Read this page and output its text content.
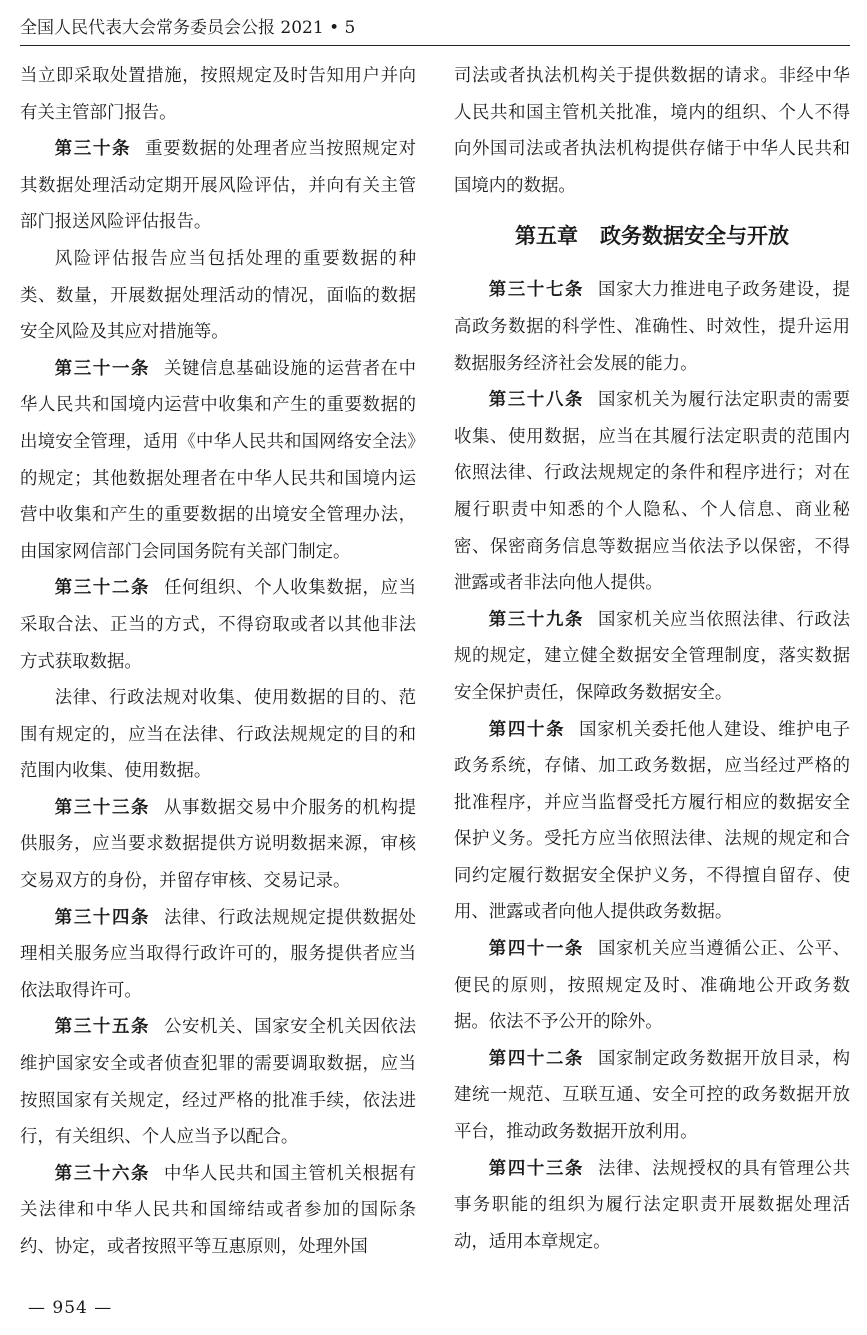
全国人民代表大会常务委员会公报 2021 • 5

当立即采取处置措施，按照规定及时告知用户并向有关主管部门报告。

第三十条 重要数据的处理者应当按照规定对其数据处理活动定期开展风险评估，并向有关主管部门报送风险评估报告。

风险评估报告应当包括处理的重要数据的种类、数量，开展数据处理活动的情况，面临的数据安全风险及其应对措施等。

第三十一条 关键信息基础设施的运营者在中华人民共和国境内运营中收集和产生的重要数据的出境安全管理，适用《中华人民共和国网络安全法》的规定；其他数据处理者在中华人民共和国境内运营中收集和产生的重要数据的出境安全管理办法，由国家网信部门会同国务院有关部门制定。

第三十二条 任何组织、个人收集数据，应当采取合法、正当的方式，不得窃取或者以其他非法方式获取数据。

法律、行政法规对收集、使用数据的目的、范围有规定的，应当在法律、行政法规规定的目的和范围内收集、使用数据。

第三十三条 从事数据交易中介服务的机构提供服务，应当要求数据提供方说明数据来源，审核交易双方的身份，并留存审核、交易记录。

第三十四条 法律、行政法规规定提供数据处理相关服务应当取得行政许可的，服务提供者应当依法取得许可。

第三十五条 公安机关、国家安全机关因依法维护国家安全或者侦查犯罪的需要调取数据，应当按照国家有关规定，经过严格的批准手续，依法进行，有关组织、个人应当予以配合。

第三十六条 中华人民共和国主管机关根据有关法律和中华人民共和国缔结或者参加的国际条约、协定，或者按照平等互惠原则，处理外国

司法或者执法机构关于提供数据的请求。非经中华人民共和国主管机关批准，境内的组织、个人不得向外国司法或者执法机构提供存储于中华人民共和国境内的数据。

第五章 政务数据安全与开放

第三十七条 国家大力推进电子政务建设，提高政务数据的科学性、准确性、时效性，提升运用数据服务经济社会发展的能力。

第三十八条 国家机关为履行法定职责的需要收集、使用数据，应当在其履行法定职责的范围内依照法律、行政法规规定的条件和程序进行；对在履行职责中知悉的个人隐私、个人信息、商业秘密、保密商务信息等数据应当依法予以保密，不得泄露或者非法向他人提供。

第三十九条 国家机关应当依照法律、行政法规的规定，建立健全数据安全管理制度，落实数据安全保护责任，保障政务数据安全。

第四十条 国家机关委托他人建设、维护电子政务系统，存储、加工政务数据，应当经过严格的批准程序，并应当监督受托方履行相应的数据安全保护义务。受托方应当依照法律、法规的规定和合同约定履行数据安全保护义务，不得擅自留存、使用、泄露或者向他人提供政务数据。

第四十一条 国家机关应当遵循公正、公平、便民的原则，按照规定及时、准确地公开政务数据。依法不予公开的除外。

第四十二条 国家制定政务数据开放目录，构建统一规范、互联互通、安全可控的政务数据开放平台，推动政务数据开放利用。

第四十三条 法律、法规授权的具有管理公共事务职能的组织为履行法定职责开展数据处理活动，适用本章规定。

— 954 —
